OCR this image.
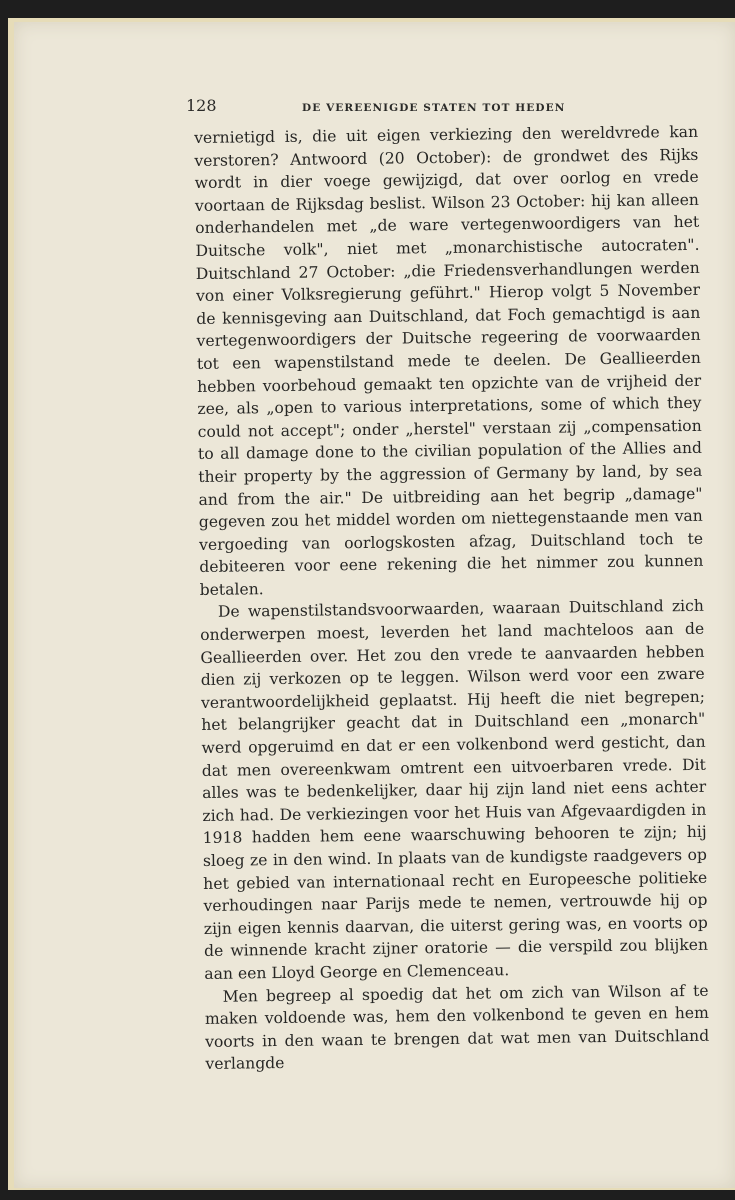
128	DE VEREENIGDE STATEN TOT HEDEN

vernietigd is, die uit eigen verkiezing den wereldvrede kan verstoren? Antwoord (20 October): de grondwet des Rijks wordt in dier voege gewijzigd, dat over oorlog en vrede voortaan de Rijksdag beslist. Wilson 23 October: hij kan alleen onderhandelen met „de ware vertegenwoordigers van het Duitsche volk", niet met „monarchistische autocraten". Duitschland 27 October: „die Friedensverhandlungen werden von einer Volksregierung geführt." Hierop volgt 5 November de kennisgeving aan Duitschland, dat Foch gemachtigd is aan vertegenwoordigers der Duitsche regeering de voorwaarden tot een wapenstilstand mede te deelen. De Geallieerden hebben voorbehoud gemaakt ten opzichte van de vrijheid der zee, als „open to various interpretations, some of which they could not accept"; onder „herstel" verstaan zij „compensation to all damage done to the civilian population of the Allies and their property by the aggression of Germany by land, by sea and from the air." De uitbreiding aan het begrip „damage" gegeven zou het middel worden om niettegenstaande men van vergoeding van oorlogskosten afzag, Duitschland toch te debiteeren voor eene rekening die het nimmer zou kunnen betalen.

De wapenstilstandsvoorwaarden, waaraan Duitschland zich onderwerpen moest, leverden het land machteloos aan de Geallieerden over. Het zou den vrede te aanvaarden hebben dien zij verkozen op te leggen. Wilson werd voor een zware verantwoordelijkheid geplaatst. Hij heeft die niet begrepen; het belangrijker geacht dat in Duitschland een „monarch" werd opgeruimd en dat er een volkenbond werd gesticht, dan dat men overeenkwam omtrent een uitvoerbaren vrede. Dit alles was te bedenkelijker, daar hij zijn land niet eens achter zich had. De verkiezingen voor het Huis van Afgevaardigden in 1918 hadden hem eene waarschuwing behooren te zijn; hij sloeg ze in den wind. In plaats van de kundigste raadgevers op het gebied van internationaal recht en Europeesche politieke verhoudingen naar Parijs mede te nemen, vertrouwde hij op zijn eigen kennis daarvan, die uiterst gering was, en voorts op de winnende kracht zijner oratorie — die verspild zou blijken aan een Lloyd George en Clemenceau.

Men begreep al spoedig dat het om zich van Wilson af te maken voldoende was, hem den volkenbond te geven en hem voorts in den waan te brengen dat wat men van Duitschland verlangde
